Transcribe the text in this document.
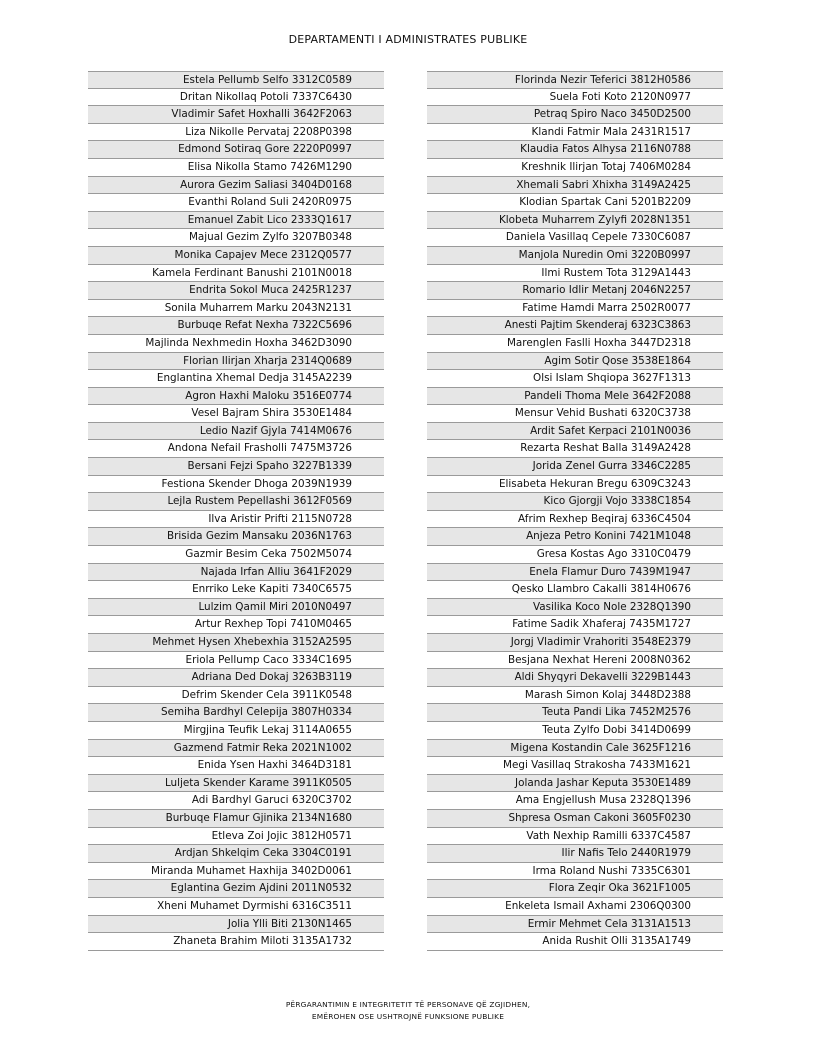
DEPARTAMENTI I ADMINISTRATES PUBLIKE
Estela Pellumb Selfo 3312C0589
Dritan Nikollaq Potoli 7337C6430
Vladimir Safet Hoxhalli 3642F2063
Liza Nikolle Pervataj 2208P0398
Edmond Sotiraq Gore 2220P0997
Elisa Nikolla Stamo 7426M1290
Aurora Gezim Saliasi 3404D0168
Evanthi Roland Suli 2420R0975
Emanuel Zabit Lico 2333Q1617
Majual Gezim Zylfo 3207B0348
Monika Capajev Mece 2312Q0577
Kamela Ferdinant Banushi 2101N0018
Endrita Sokol Muca 2425R1237
Sonila Muharrem Marku 2043N2131
Burbuqe Refat Nexha 7322C5696
Majlinda Nexhmedin Hoxha 3462D3090
Florian Ilirjan Xharja 2314Q0689
Englantina Xhemal Dedja 3145A2239
Agron Haxhi Maloku 3516E0774
Vesel Bajram Shira 3530E1484
Ledio Nazif Gjyla 7414M0676
Andona Nefail Frasholli 7475M3726
Bersani Fejzi Spaho 3227B1339
Festiona Skender Dhoga 2039N1939
Lejla Rustem Pepellashi 3612F0569
Ilva Aristir Prifti 2115N0728
Brisida Gezim Mansaku 2036N1763
Gazmir Besim Ceka 7502M5074
Najada Irfan Alliu 3641F2029
Enrriko Leke Kapiti 7340C6575
Lulzim Qamil Miri 2010N0497
Artur Rexhep Topi 7410M0465
Mehmet Hysen Xhebexhia 3152A2595
Eriola Pellump Caco 3334C1695
Adriana Ded Dokaj 3263B3119
Defrim Skender Cela 3911K0548
Semiha Bardhyl Celepija 3807H0334
Mirgjina Teufik Lekaj 3114A0655
Gazmend Fatmir Reka 2021N1002
Enida Ysen Haxhi 3464D3181
Luljeta Skender Karame 3911K0505
Adi Bardhyl Garuci 6320C3702
Burbuqe Flamur Gjinika 2134N1680
Etleva Zoi Jojic 3812H0571
Ardjan Shkelqim Ceka 3304C0191
Miranda Muhamet Haxhija 3402D0061
Eglantina Gezim Ajdini 2011N0532
Xheni Muhamet Dyrmishi 6316C3511
Jolia Ylli Biti 2130N1465
Zhaneta Brahim Miloti 3135A1732
Florinda Nezir Teferici 3812H0586
Suela Foti Koto 2120N0977
Petraq Spiro Naco 3450D2500
Klandi Fatmir Mala 2431R1517
Klaudia Fatos Alhysa 2116N0788
Kreshnik Ilirjan Totaj 7406M0284
Xhemali Sabri Xhixha 3149A2425
Klodian Spartak Cani 5201B2209
Klobeta Muharrem Zylyfi 2028N1351
Daniela Vasillaq Cepele 7330C6087
Manjola Nuredin Omi 3220B0997
Ilmi Rustem Tota 3129A1443
Romario Idlir Metanj 2046N2257
Fatime Hamdi Marra 2502R0077
Anesti Pajtim Skenderaj 6323C3863
Marenglen Faslli Hoxha 3447D2318
Agim Sotir Qose 3538E1864
Olsi Islam Shqiopa 3627F1313
Pandeli Thoma Mele 3642F2088
Mensur Vehid Bushati 6320C3738
Ardit Safet Kerpaci 2101N0036
Rezarta Reshat Balla 3149A2428
Jorida Zenel Gurra 3346C2285
Elisabeta Hekuran Bregu 6309C3243
Kico Gjorgji Vojo 3338C1854
Afrim Rexhep Beqiraj 6336C4504
Anjeza Petro Konini 7421M1048
Gresa Kostas Ago 3310C0479
Enela Flamur Duro 7439M1947
Qesko Llambro Cakalli 3814H0676
Vasilika Koco Nole 2328Q1390
Fatime Sadik Xhaferaj 7435M1727
Jorgj Vladimir Vrahoriti 3548E2379
Besjana Nexhat Hereni 2008N0362
Aldi Shyqyri Dekavelli 3229B1443
Marash Simon Kolaj 3448D2388
Teuta Pandi Lika 7452M2576
Teuta Zylfo Dobi 3414D0699
Migena Kostandin Cale 3625F1216
Megi Vasillaq Strakosha 7433M1621
Jolanda Jashar Keputa 3530E1489
Ama Engjellush Musa 2328Q1396
Shpresa Osman Cakoni 3605F0230
Vath Nexhip Ramilli 6337C4587
Ilir Nafis Telo 2440R1979
Irma Roland Nushi 7335C6301
Flora Zeqir Oka 3621F1005
Enkeleta Ismail Axhami 2306Q0300
Ermir Mehmet Cela 3131A1513
Anida Rushit Olli 3135A1749
PËRGARANTIMIN E INTEGRITETIT TË PERSONAVE QË ZGJIDHEN,
EMËROHEN OSE USHTROJNË FUNKSIONE PUBLIKE
